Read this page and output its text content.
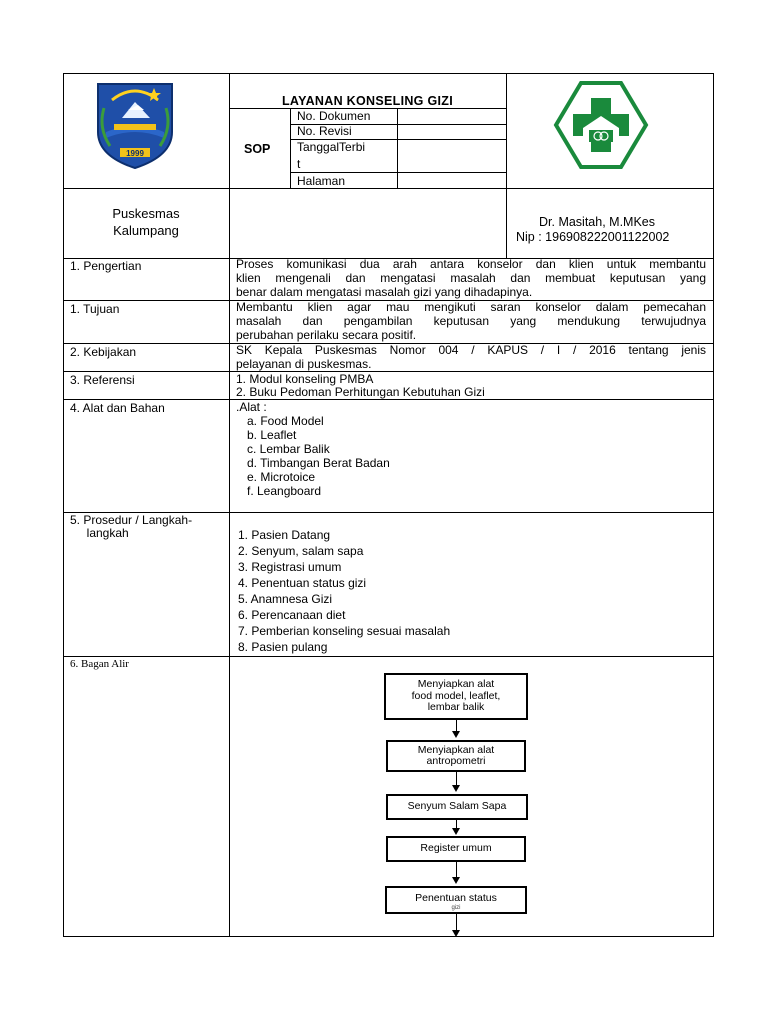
1999
LAYANAN KONSELING GIZI
SOP
No. Dokumen
No. Revisi
TanggalTerbi
t
Halaman
Puskesmas
Kalumpang
Dr. Masitah, M.MKes
Nip : 196908222001122002
1. Pengertian	Proses komunikasi dua arah antara konselor dan klien untuk membantu
klien mengenali dan mengatasi masalah dan membuat keputusan yang
benar dalam mengatasi masalah gizi yang dihadapinya.
1. Tujuan	Membantu klien agar mau mengikuti saran konselor dalam pemecahan
masalah dan pengambilan keputusan yang mendukung terwujudnya
perubahan perilaku secara positif.
2. Kebijakan	SK Kepala Puskesmas Nomor 004 / KAPUS / I / 2016 tentang jenis
pelayanan di puskesmas.
3. Referensi	1. Modul konseling PMBA
2. Buku Pedoman Perhitungan Kebutuhan Gizi
4. Alat dan Bahan	.Alat :
a. Food Model
b. Leaflet
c. Lembar Balik
d. Timbangan Berat Badan
e. Microtoice
f. Leangboard
5. Prosedur / Langkah-
langkah	1. Pasien Datang
2. Senyum, salam sapa
3. Registrasi umum
4. Penentuan status gizi
5. Anamnesa Gizi
6. Perencanaan diet
7. Pemberian konseling sesuai masalah
8. Pasien pulang
6. Bagan Alir
Menyiapkan alat
food model, leaflet,
lembar balik
Menyiapkan alat
antropometri
Senyum Salam Sapa
Register umum
Penentuan status
gizi
